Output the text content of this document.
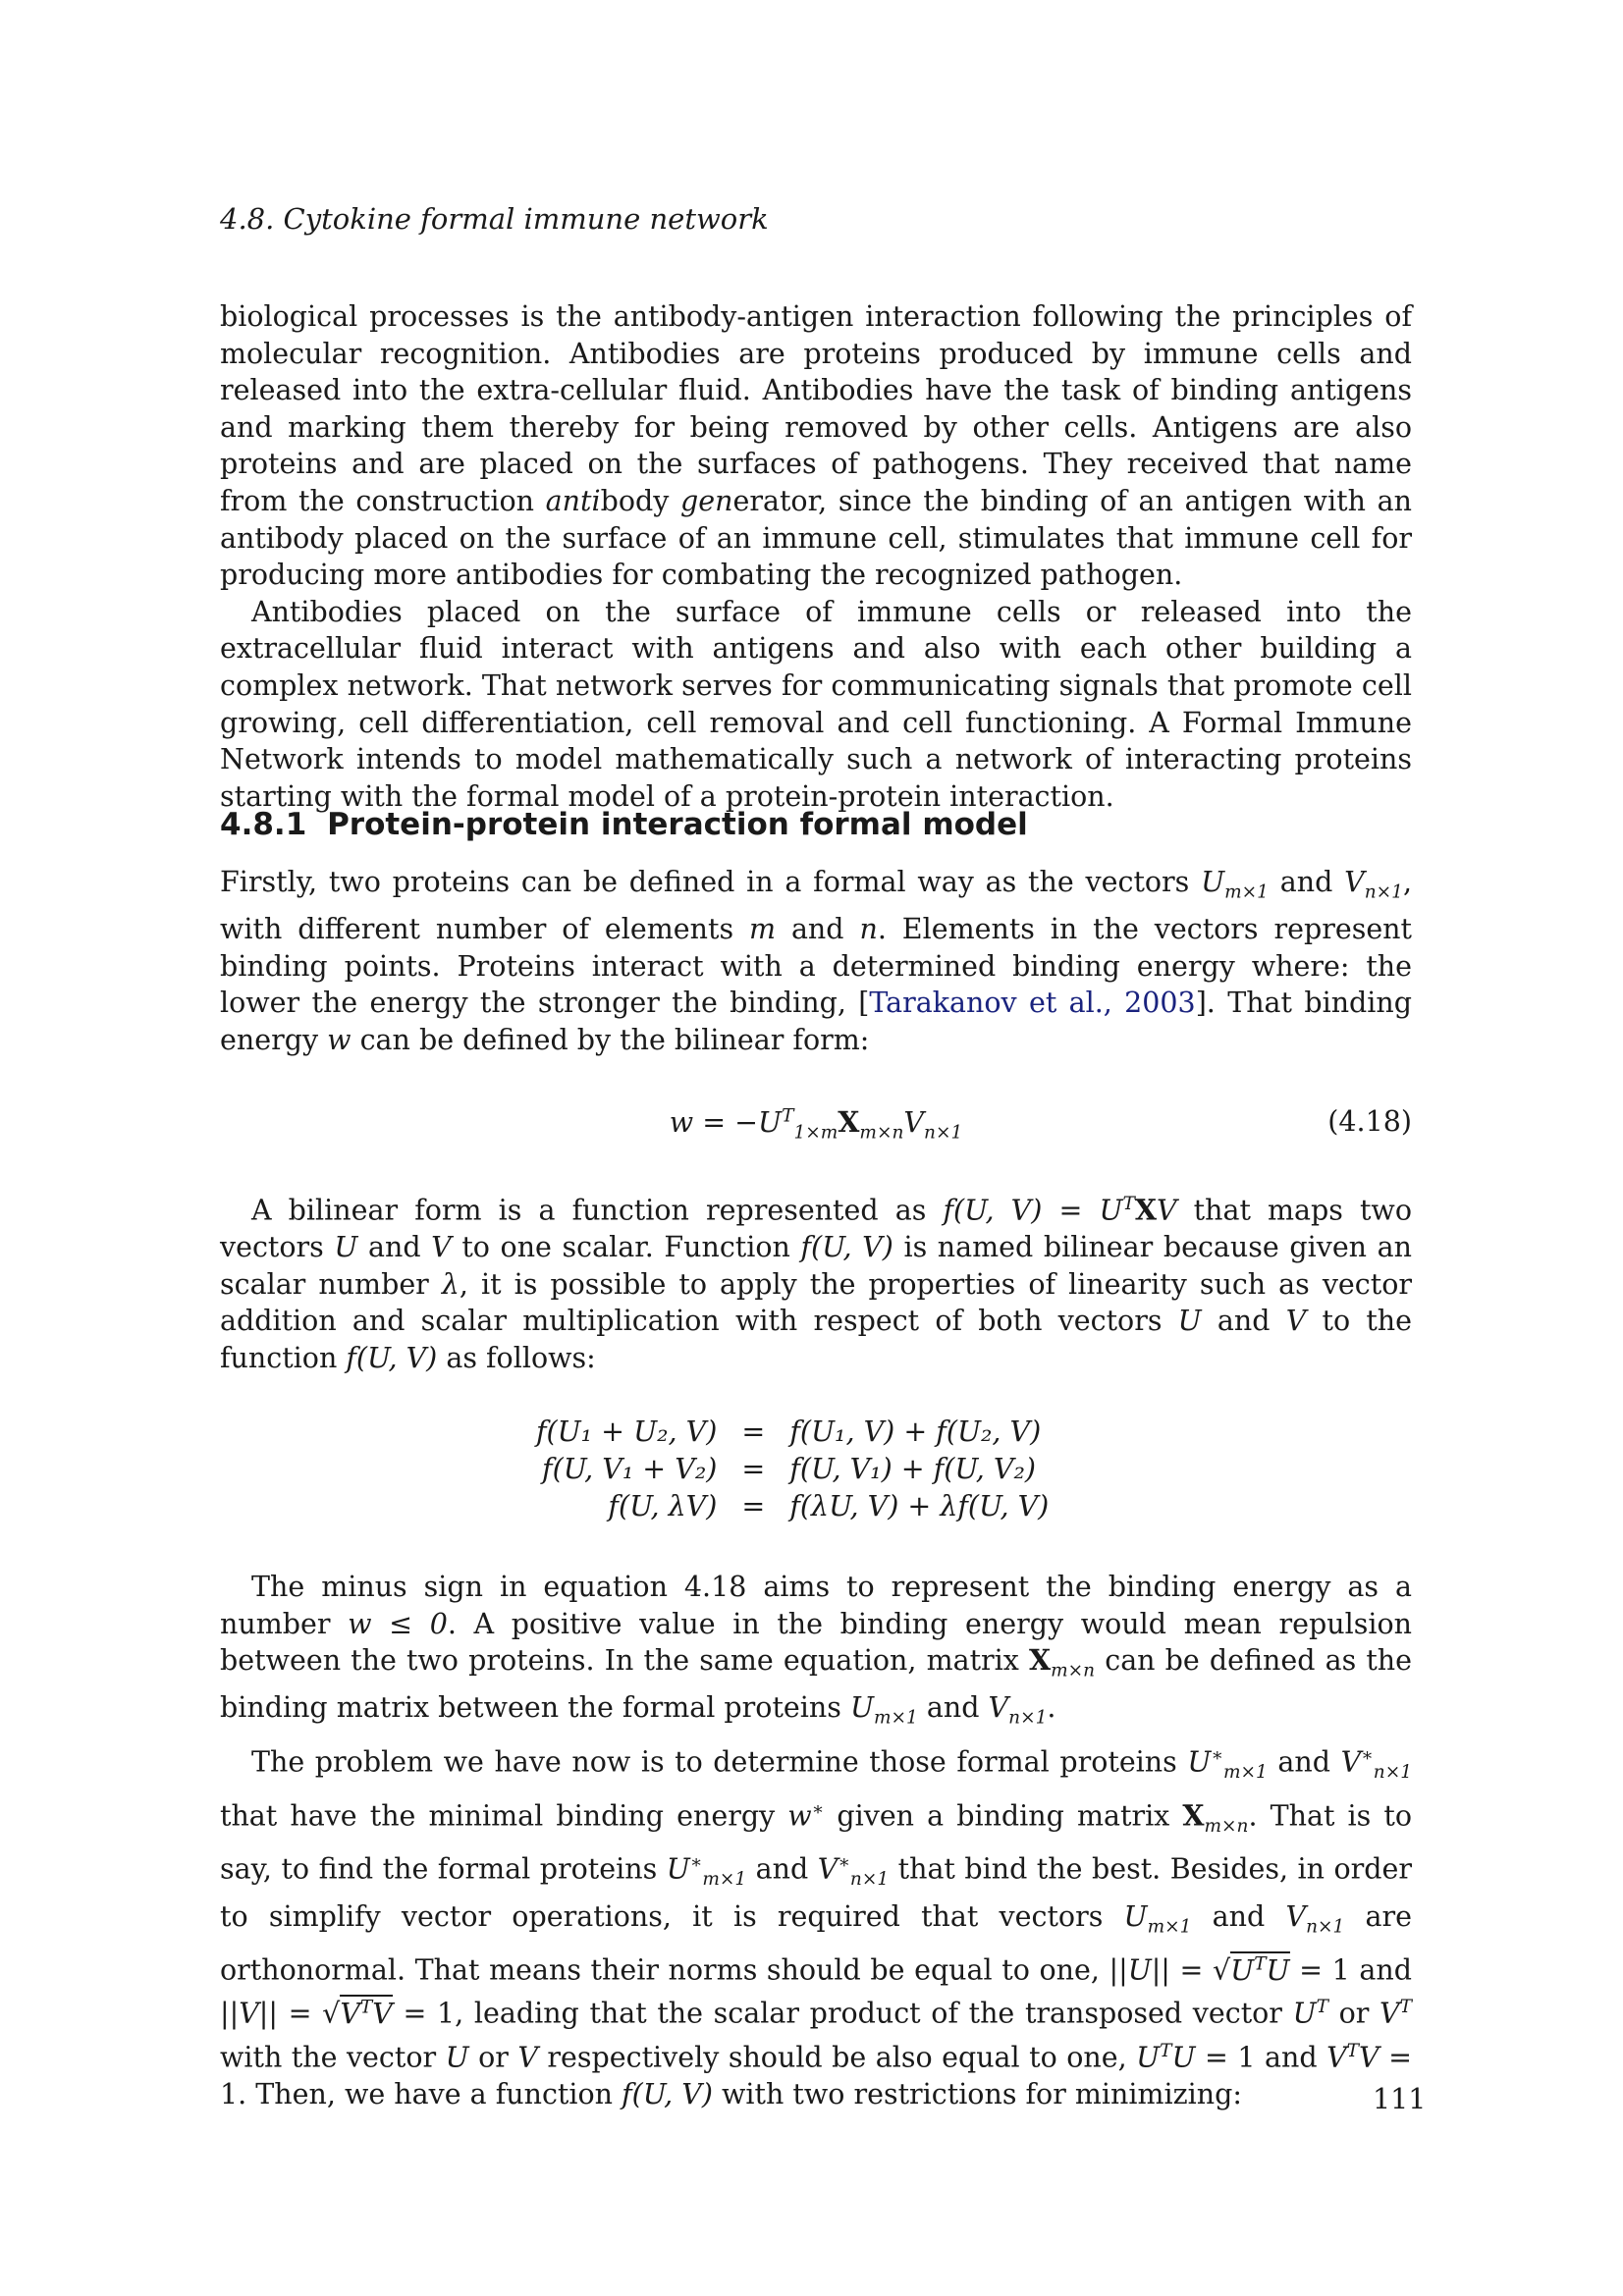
4.8. Cytokine formal immune network

biological processes is the antibody-antigen interaction following the principles of molecular recognition. Antibodies are proteins produced by immune cells and released into the extra-cellular fluid. Antibodies have the task of binding antigens and marking them thereby for being removed by other cells. Antigens are also proteins and are placed on the surfaces of pathogens. They received that name from the construction antibody generator, since the binding of an antigen with an antibody placed on the surface of an immune cell, stimulates that immune cell for producing more antibodies for combating the recognized pathogen.

Antibodies placed on the surface of immune cells or released into the extracellular fluid interact with antigens and also with each other building a complex network. That network serves for communicating signals that promote cell growing, cell differentiation, cell removal and cell functioning. A Formal Immune Network intends to model mathematically such a network of interacting proteins starting with the formal model of a protein-protein interaction.

4.8.1 Protein-protein interaction formal model

Firstly, two proteins can be defined in a formal way as the vectors $U_{m\times 1}$ and $V_{n\times 1}$, with different number of elements m and n. Elements in the vectors represent binding points. Proteins interact with a determined binding energy where: the lower the energy the stronger the binding, [Tarakanov et al., 2003]. That binding energy w can be defined by the bilinear form:

$w = -U^T_{1\times m}X_{m\times n}V_{n\times 1}$	(4.18)

A bilinear form is a function represented as f(U, $V) = U^TXV$ that maps two vectors U and V to one scalar. Function f(U, V) is named bilinear because given an scalar number λ, it is possible to apply the properties of linearity such as vector addition and scalar multiplication with respect of both vectors U and V to the function f(U, V) as follows:

f(U₁ + U₂, V)	=	f(U₁, V) + f(U₂, V)
f(U, V₁ + V₂)	=	f(U, V₁) + f(U, V₂)
f(U, λV)	=	f(λU, V) + λf(U, V)

The minus sign in equation 4.18 aims to represent the binding energy as a number w ≤ 0. A positive value in the binding energy would mean repulsion between the two proteins. In the same equation, matrix $X_{m\times n}$ can be defined as the binding matrix between the formal proteins $U_{m\times 1}$ and $V_{n\times 1}$.

The problem we have now is to determine those formal proteins $U^∗_{m\times 1}$ and $V^∗_{n\times 1}$ that have the minimal binding energy w∗ given a binding matrix $X_{m\times n}$. That is to say, to find the formal proteins $U^∗_{m\times 1}$ and $V^∗_{n\times 1}$ that bind the best. Besides, in order to simplify vector operations, it is required that vectors $U_{m\times 1}$ and $V_{n\times 1}$ are orthonormal. That means their norms should be equal to one, $||U|| = √U^TU = 1$ and $||V|| = √V^TV = 1$, leading that the scalar product of the transposed vector $U^T$ or $V^T$ with the vector U or V respectively should be also equal to one, $U^TU = 1$ and $V^TV = 1$. Then, we have a function f(U, V) with two restrictions for minimizing:	111
